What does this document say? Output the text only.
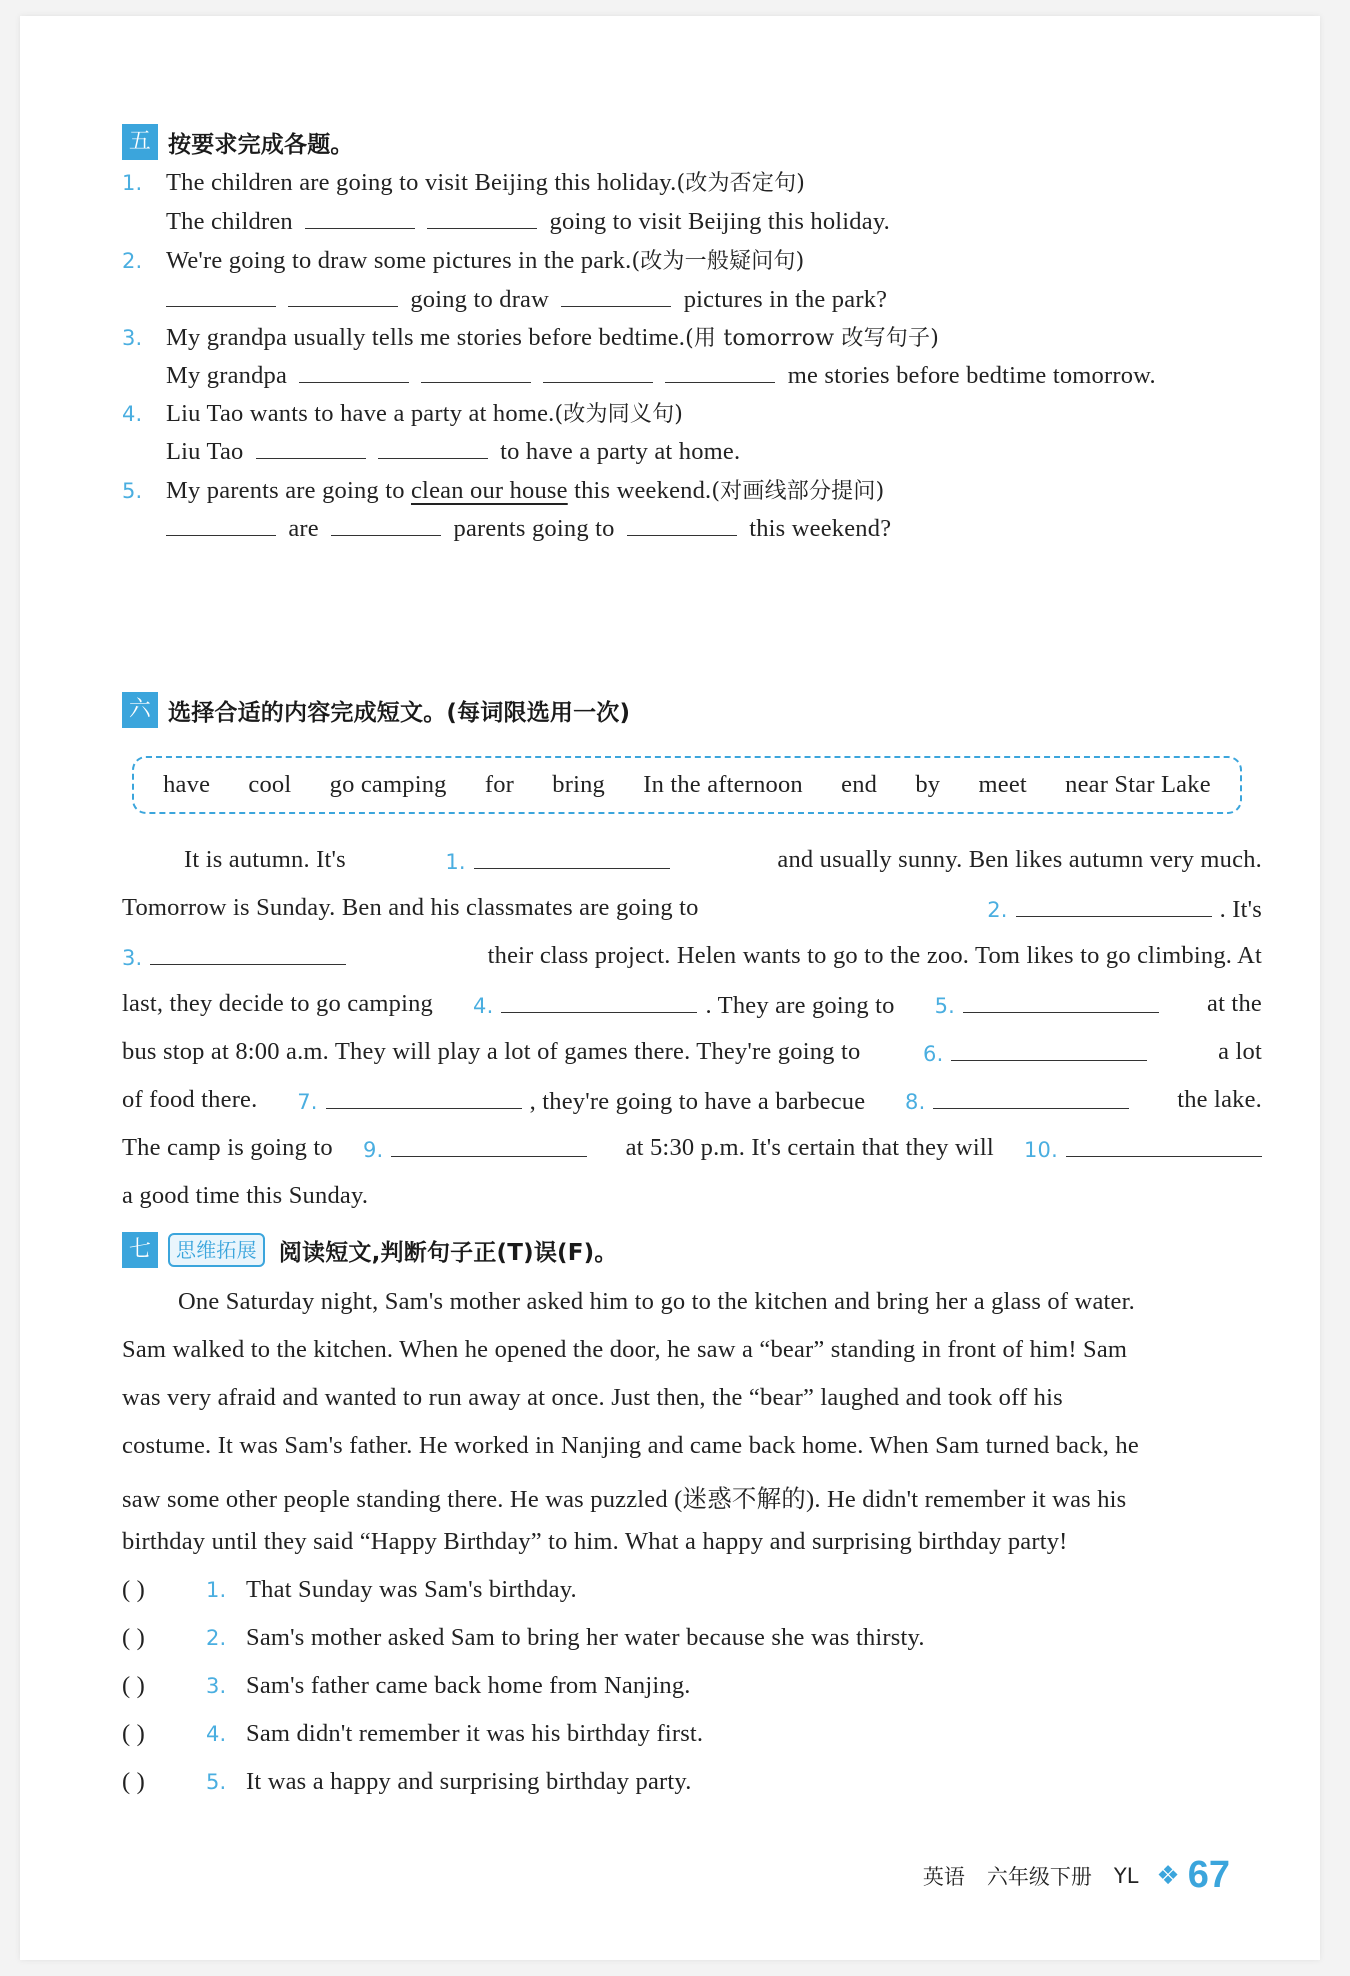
五 按要求完成各题。
1. The children are going to visit Beijing this holiday.(改为否定句)
The children	going to visit Beijing this holiday.
2. We're going to draw some pictures in the park.(改为一般疑问句)
going to draw	pictures in the park?
3. My grandpa usually tells me stories before bedtime.(用 tomorrow 改写句子)
My grandpa	me stories before bedtime tomorrow.
4. Liu Tao wants to have a party at home.(改为同义句)
Liu Tao	to have a party at home.
5. My parents are going to clean our house this weekend.(对画线部分提问)
are	parents going to	this weekend?
六 选择合适的内容完成短文。(每词限选用一次)
have cool go camping for bring In the afternoon end by meet near Star Lake
It is autumn. It's	1.	and usually sunny. Ben likes autumn very much.
Tomorrow is Sunday. Ben and his classmates are going to	2.	. It's
3.	their class project. Helen wants to go to the zoo. Tom likes to go climbing. At
last, they decide to go camping 4.	. They are going to 5.	at the
bus stop at 8:00 a.m. They will play a lot of games there. They're going to	6.	a lot
of food there. 7.	, they're going to have a barbecue 8.	the lake.
The camp is going to 9.	at 5:30 p.m. It's certain that they will 10.
a good time this Sunday.
七	思维拓展 阅读短文,判断句子正(T)误(F)。
One Saturday night, Sam's mother asked him to go to the kitchen and bring her a glass of water.
Sam walked to the kitchen. When he opened the door, he saw a “bear” standing in front of him! Sam
was very afraid and wanted to run away at once. Just then, the “bear” laughed and took off his
costume. It was Sam's father. He worked in Nanjing and came back home. When Sam turned back, he
saw some other people standing there. He was puzzled (迷惑不解的). He didn't remember it was his
birthday until they said “Happy Birthday” to him. What a happy and surprising birthday party!
( )	1. That Sunday was Sam's birthday.
( )	2. Sam's mother asked Sam to bring her water because she was thirsty.
( )	3. Sam's father came back home from Nanjing.
( )	4. Sam didn't remember it was his birthday first.
( )	5. It was a happy and surprising birthday party.
英语 六年级下册 YL ❖ 67
